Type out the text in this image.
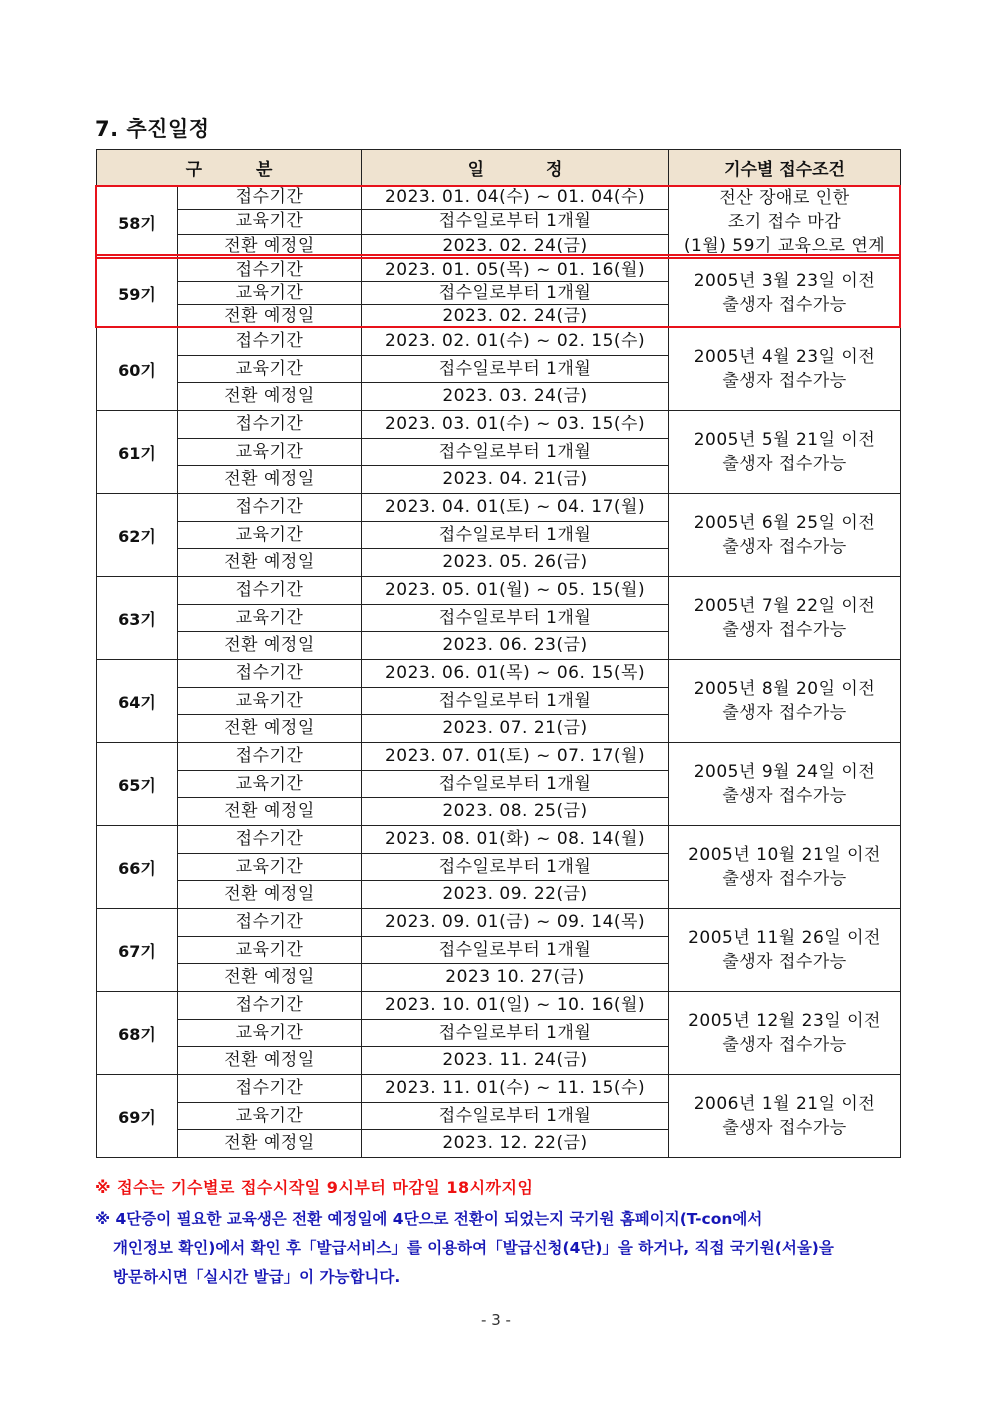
7. 추진일정
구 분		일 정	기수별 접수조건
58기	접수기간	2023. 01. 04(수) ~ 01. 04(수)	전산 장애로 인한
조기 접수 마감
(1월) 59기 교육으로 연계

	교육기간	접수일로부터 1개월	
	전환 예정일	2023. 02. 24(금)	
59기	접수기간	2023. 01. 05(목) ~ 01. 16(월)	2005년 3월 23일 이전
출생자 접수가능

	교육기간	접수일로부터 1개월	
	전환 예정일	2023. 02. 24(금)	
60기	접수기간	2023. 02. 01(수) ~ 02. 15(수)	2005년 4월 23일 이전
출생자 접수가능

	교육기간	접수일로부터 1개월	
	전환 예정일	2023. 03. 24(금)	
61기	접수기간	2023. 03. 01(수) ~ 03. 15(수)	2005년 5월 21일 이전
출생자 접수가능

	교육기간	접수일로부터 1개월	
	전환 예정일	2023. 04. 21(금)	
62기	접수기간	2023. 04. 01(토) ~ 04. 17(월)	2005년 6월 25일 이전
출생자 접수가능

	교육기간	접수일로부터 1개월	
	전환 예정일	2023. 05. 26(금)	
63기	접수기간	2023. 05. 01(월) ~ 05. 15(월)	2005년 7월 22일 이전
출생자 접수가능

	교육기간	접수일로부터 1개월	
	전환 예정일	2023. 06. 23(금)	
64기	접수기간	2023. 06. 01(목) ~ 06. 15(목)	2005년 8월 20일 이전
출생자 접수가능

	교육기간	접수일로부터 1개월	
	전환 예정일	2023. 07. 21(금)	
65기	접수기간	2023. 07. 01(토) ~ 07. 17(월)	2005년 9월 24일 이전
출생자 접수가능

	교육기간	접수일로부터 1개월	
	전환 예정일	2023. 08. 25(금)	
66기	접수기간	2023. 08. 01(화) ~ 08. 14(월)	2005년 10월 21일 이전
출생자 접수가능

	교육기간	접수일로부터 1개월	
	전환 예정일	2023. 09. 22(금)	
67기	접수기간	2023. 09. 01(금) ~ 09. 14(목)	2005년 11월 26일 이전
출생자 접수가능

	교육기간	접수일로부터 1개월	
	전환 예정일	2023 10. 27(금)	
68기	접수기간	2023. 10. 01(일) ~ 10. 16(월)	2005년 12월 23일 이전
출생자 접수가능

	교육기간	접수일로부터 1개월	
	전환 예정일	2023. 11. 24(금)	
69기	접수기간	2023. 11. 01(수) ~ 11. 15(수)	2006년 1월 21일 이전
출생자 접수가능

	교육기간	접수일로부터 1개월	
	전환 예정일	2023. 12. 22(금)	
※ 접수는 기수별로 접수시작일 9시부터 마감일 18시까지임
※ 4단증이 필요한 교육생은 전환 예정일에 4단으로 전환이 되었는지 국기원 홈페이지(T-con에서
개인정보 확인)에서 확인 후「발급서비스」를 이용하여「발급신청(4단)」을 하거나, 직접 국기원(서울)을
방문하시면「실시간 발급」이 가능합니다.
- 3 -
